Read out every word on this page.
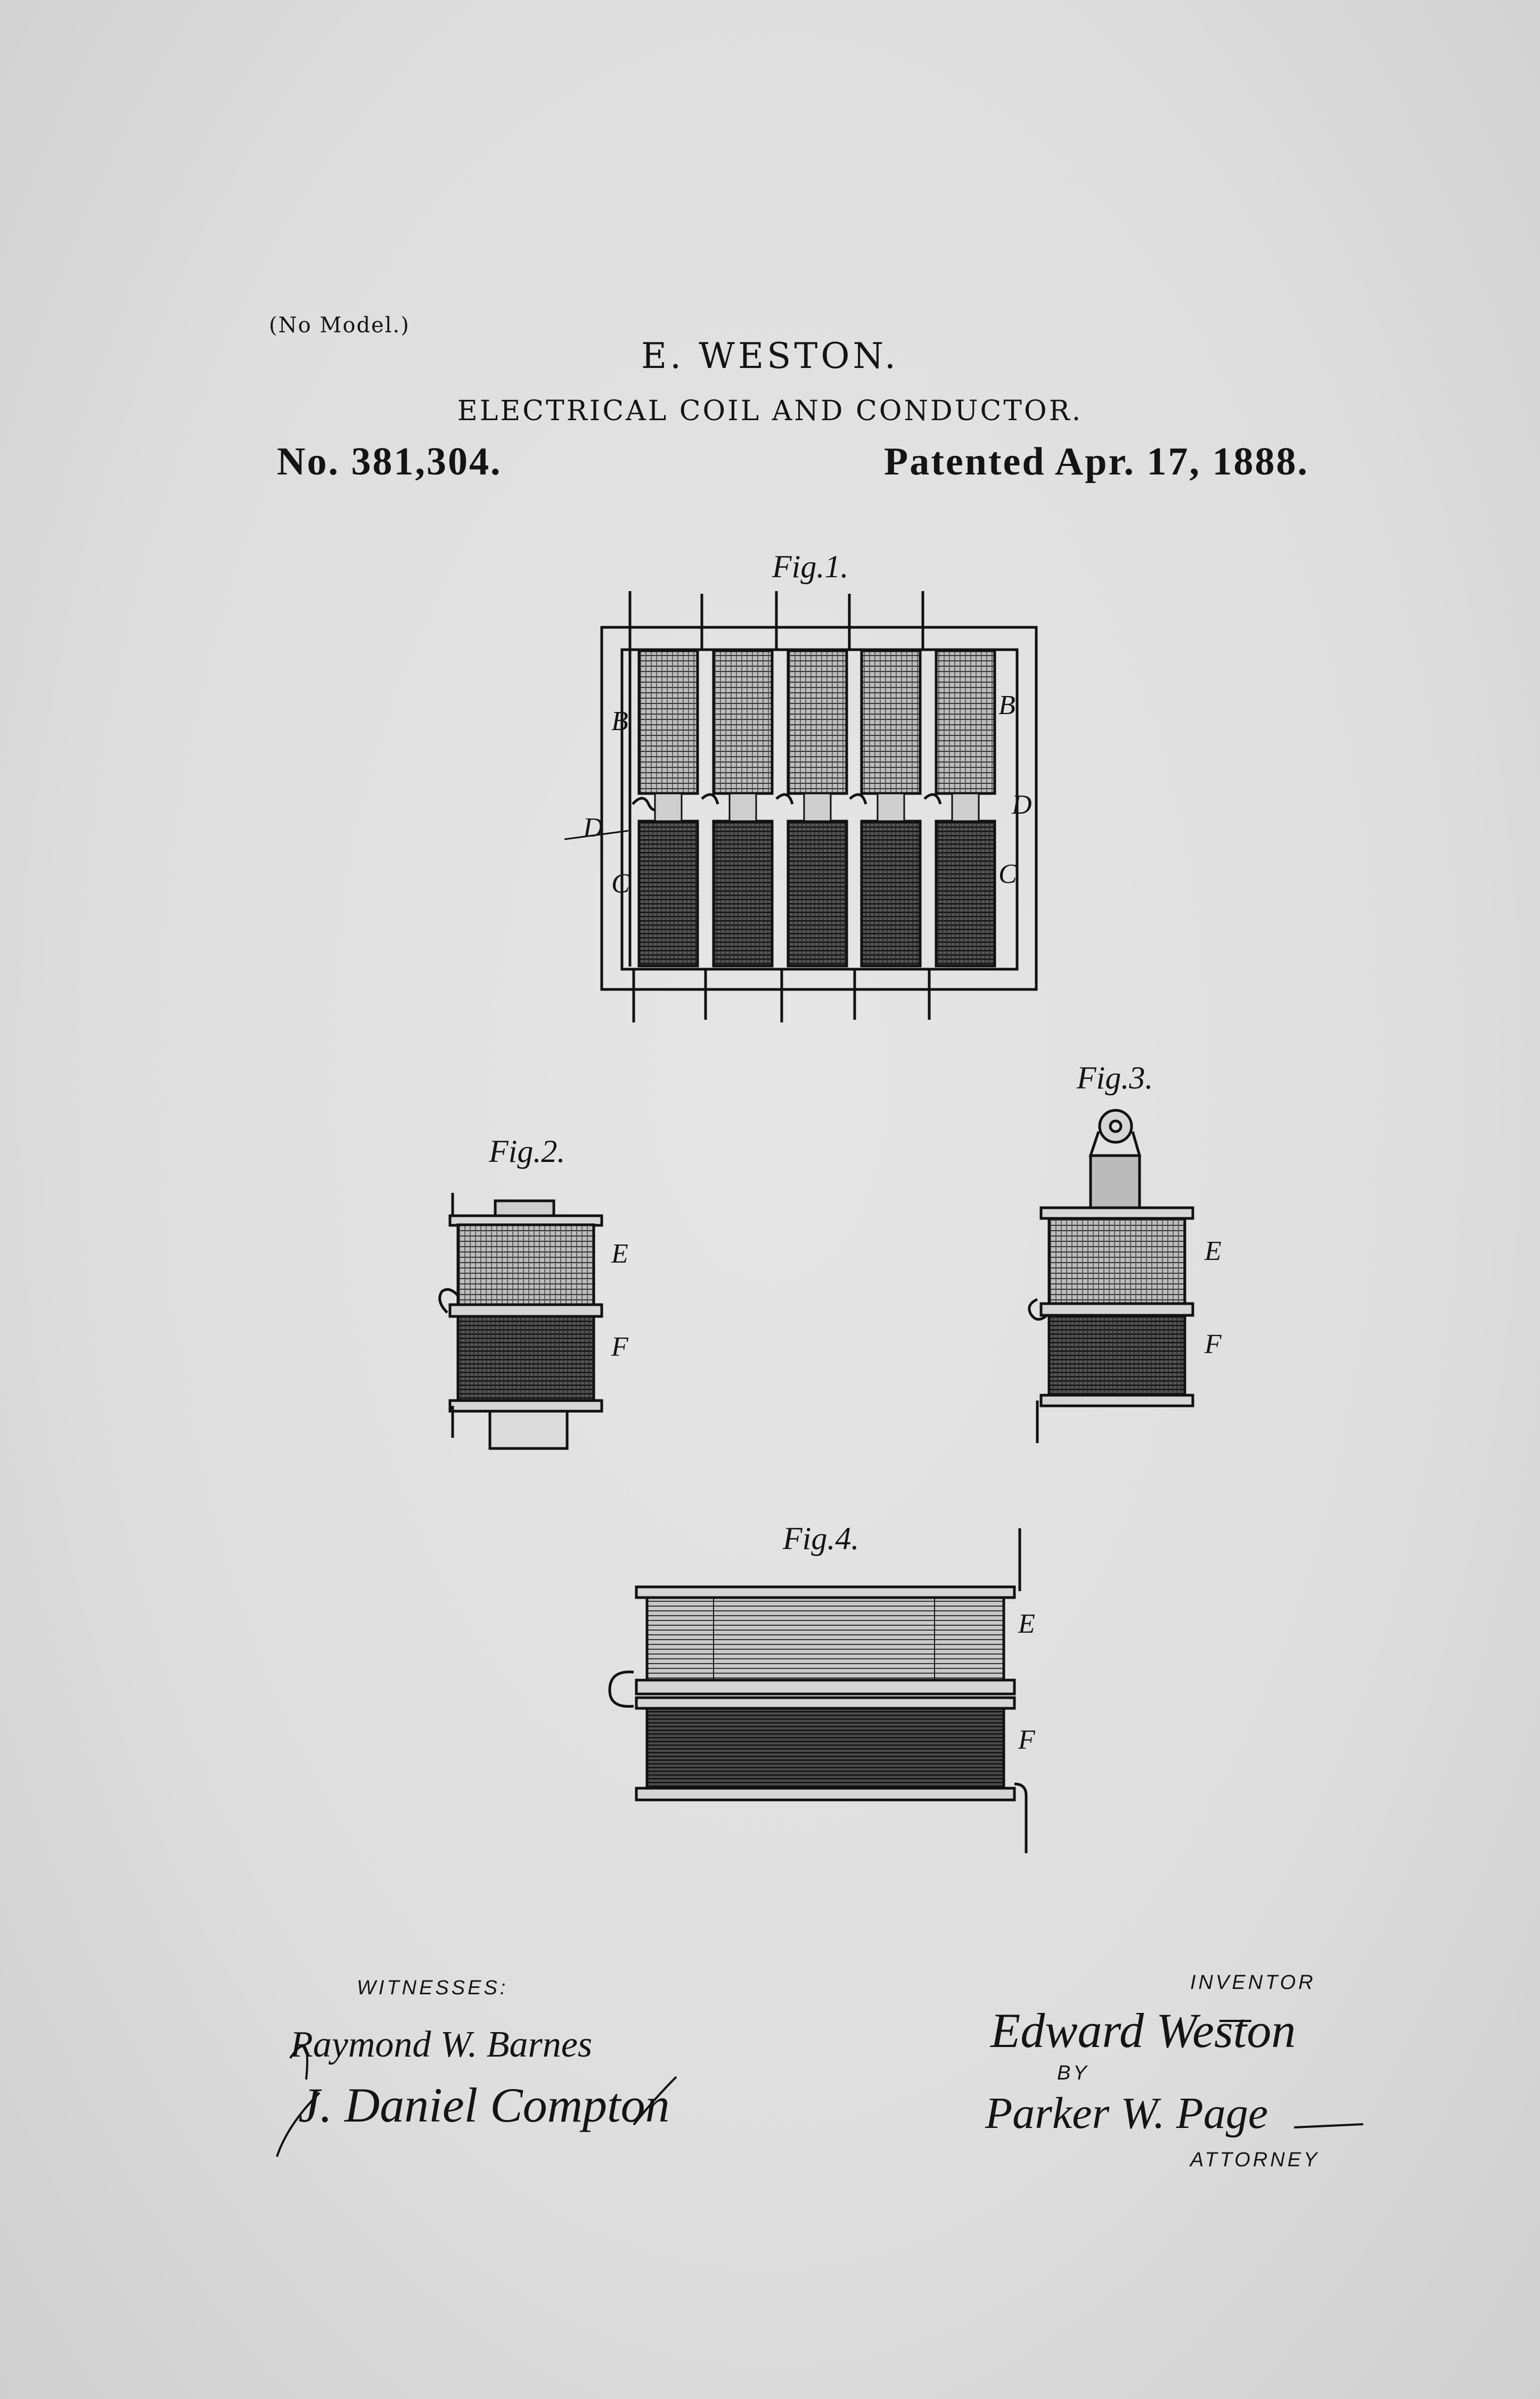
(No Model.)
E. WESTON.
ELECTRICAL COIL AND CONDUCTOR.
No. 381,304.	Patented Apr. 17, 1888.
Fig.1.
B
B
D
D
C	C
Fig.2.
E
F
Fig.3.
E
F
Fig.4.
E
F
WITNESSES:
Raymond W. Barnes
J. Daniel Compton
INVENTOR
Edward Weston
BY
Parker W. Page
ATTORNEY
